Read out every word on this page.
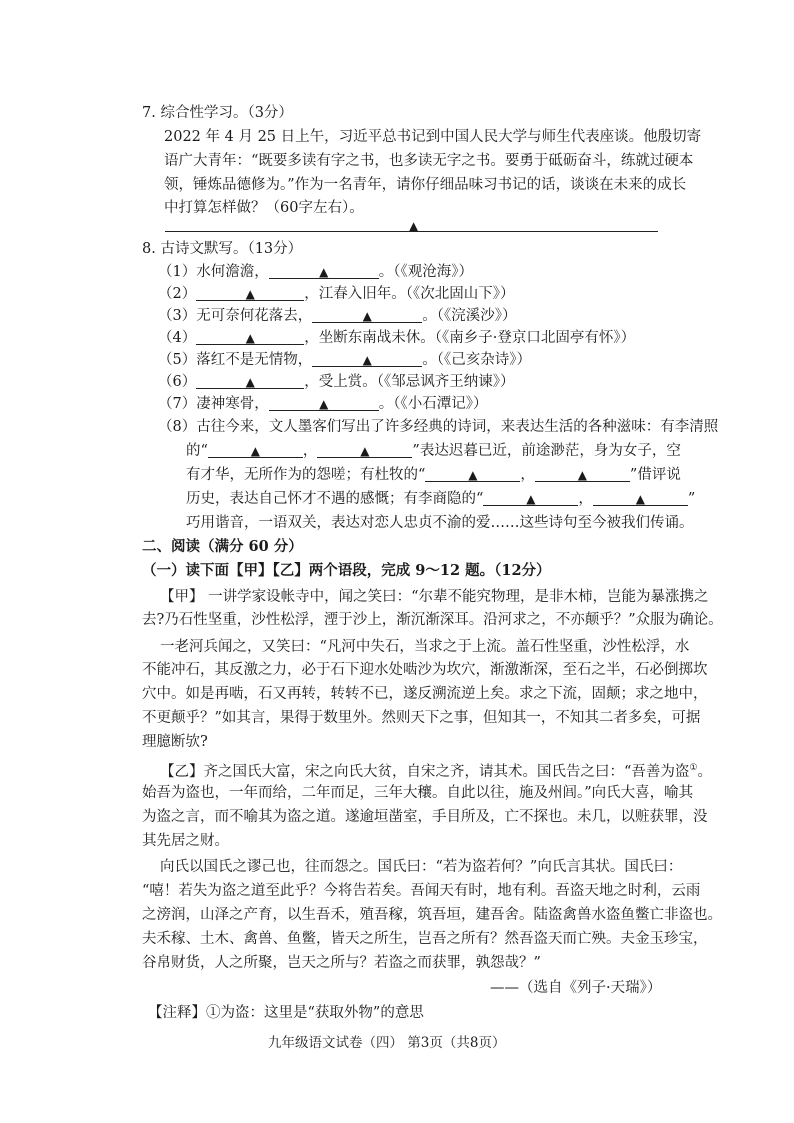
7. 综合性学习。（3分）
2022 年 4 月 25 日上午，习近平总书记到中国人民大学与师生代表座谈。他殷切寄
语广大青年：“既要多读有字之书，也多读无字之书。要勇于砥砺奋斗，练就过硬本
领，锤炼品德修为。”作为一名青年，请你仔细品味习书记的话，谈谈在未来的成长
中打算怎样做？（60字左右）。
▲
8. 古诗文默写。（13分）
（1）水何澹澹，	▲	。（《观沧海》）
（2）	▲	，江春入旧年。（《次北固山下》）
（3）无可奈何花落去，	▲	。（《浣溪沙》）
（4）	▲	，坐断东南战未休。（《南乡子·登京口北固亭有怀》）
（5）落红不是无情物，	▲	。（《己亥杂诗》）
（6）	▲	，受上赏。（《邹忌讽齐王纳谏》）
（7）凄神寒骨，	▲	。（《小石潭记》）
（8）古往今来，文人墨客们写出了许多经典的诗词，来表达生活的各种滋味：有李清照
的“	▲	，	▲	”表达迟暮已近，前途渺茫，身为女子，空
有才华，无所作为的怨嗟；有杜牧的“	▲	，	▲	”借评说
历史，表达自己怀才不遇的感慨；有李商隐的“	▲	，	▲	”
巧用谐音，一语双关，表达对恋人忠贞不渝的爱……这些诗句至今被我们传诵。
二、阅读（满分 60 分）
（一）读下面【甲】【乙】两个语段，完成 9～12 题。（12分）
【甲】 一讲学家设帐寺中，闻之笑曰：“尔辈不能究物理，是非木柿，岂能为暴涨携之
去?乃石性坚重，沙性松浮，湮于沙上，渐沉渐深耳。沿河求之，不亦颠乎？”众服为确论。
一老河兵闻之，又笑曰：“凡河中失石，当求之于上流。盖石性坚重，沙性松浮，水
不能冲石，其反激之力，必于石下迎水处啮沙为坎穴，渐激渐深，至石之半，石必倒掷坎
穴中。如是再啮，石又再转，转转不已，遂反溯流逆上矣。求之下流，固颠；求之地中，
不更颠乎？”如其言，果得于数里外。然则天下之事，但知其一，不知其二者多矣，可据
理臆断欤?
【乙】齐之国氏大富，宋之向氏大贫，自宋之齐，请其术。国氏告之曰：“吾善为盗①。
始吾为盗也，一年而给，二年而足，三年大穰。自此以往，施及州闾。”向氏大喜，喻其
为盗之言，而不喻其为盗之道。遂逾垣凿室，手目所及，亡不探也。未几，以赃获罪，没
其先居之财。
向氏以国氏之谬己也，往而怨之。国氏曰：“若为盗若何？”向氏言其状。国氏曰：
“嘻！若失为盗之道至此乎？今将告若矣。吾闻天有时，地有利。吾盗天地之时利，云雨
之滂润，山泽之产育，以生吾禾，殖吾稼，筑吾垣，建吾舍。陆盗禽兽水盗鱼鳖亡非盗也。
夫禾稼、土木、禽兽、鱼鳖，皆天之所生，岂吾之所有？然吾盗天而亡殃。夫金玉珍宝，
谷帛财货，人之所聚，岂天之所与？若盗之而获罪，孰怨哉？”
——（选自《列子·天瑞》）
【注释】①为盗：这里是“获取外物”的意思
九年级语文试卷（四） 第3页（共8页）
